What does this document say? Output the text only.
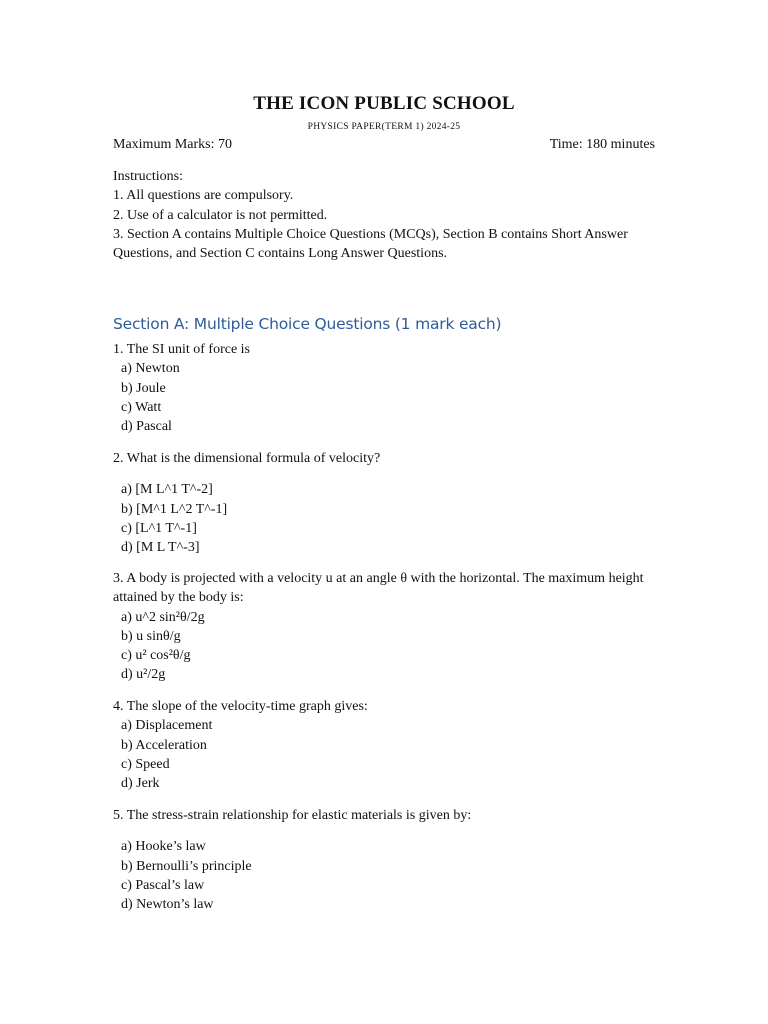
THE ICON PUBLIC SCHOOL
PHYSICS PAPER(TERM 1) 2024-25
Maximum Marks: 70	Time: 180 minutes
Instructions:
1. All questions are compulsory.
2. Use of a calculator is not permitted.
3. Section A contains Multiple Choice Questions (MCQs), Section B contains Short Answer Questions, and Section C contains Long Answer Questions.
Section A: Multiple Choice Questions (1 mark each)
1. The SI unit of force is
a) Newton
b) Joule
c) Watt
d) Pascal
2. What is the dimensional formula of velocity?
a) [M L^1 T^-2]
b) [M^1 L^2 T^-1]
c) [L^1 T^-1]
d) [M L T^-3]
3. A body is projected with a velocity u at an angle θ with the horizontal. The maximum height attained by the body is:
a) u^2 sin²θ/2g
b) u sinθ/g
c) u² cos²θ/g
d) u²/2g
4. The slope of the velocity-time graph gives:
a) Displacement
b) Acceleration
c) Speed
d) Jerk
5. The stress-strain relationship for elastic materials is given by:
a) Hooke’s law
b) Bernoulli’s principle
c) Pascal’s law
d) Newton’s law
